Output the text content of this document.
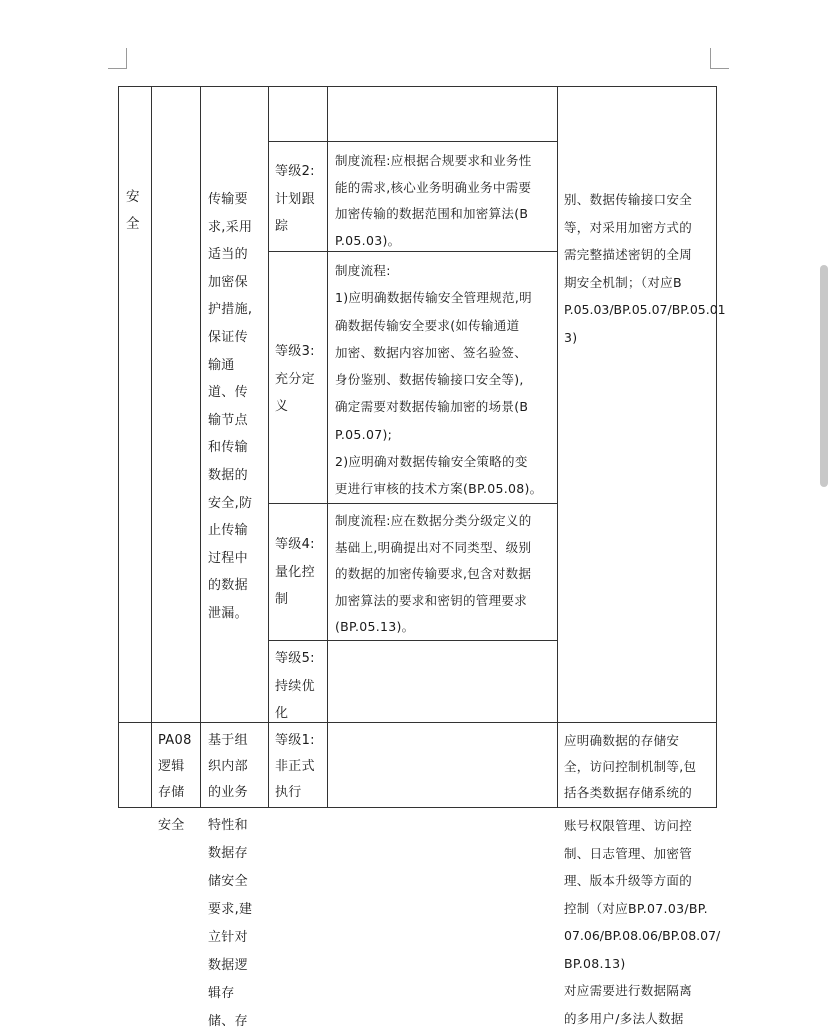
安
全
传输要
求,采用
适当的
加密保
护措施,
保证传
输通
道、传
输节点
和传输
数据的
安全,防
止传输
过程中
的数据
泄漏。
等级2:
计划跟
踪
制度流程:应根据合规要求和业务性
能的需求,核心业务明确业务中需要
加密传输的数据范围和加密算法(B
P.05.03)。
等级3:
充分定
义
制度流程:
1)应明确数据传输安全管理规范,明
确数据传输安全要求(如传输通道
加密、数据内容加密、签名验签、
身份鉴别、数据传输接口安全等),
确定需要对数据传输加密的场景(B
P.05.07);
2)应明确对数据传输安全策略的变
更进行审核的技术方案(BP.05.08)。
等级4:
量化控
制
制度流程:应在数据分类分级定义的
基础上,明确提出对不同类型、级别
的数据的加密传输要求,包含对数据
加密算法的要求和密钥的管理要求
(BP.05.13)。
等级5:
持续优
化
别、数据传输接口安全
等，对采用加密方式的
需完整描述密钥的全周
期安全机制；（对应B
P.05.03/BP.05.07/BP.05.01
3)
PA08
逻辑
存储
基于组
织内部
的业务
等级1:
非正式
执行
应明确数据的存储安
全，访问控制机制等,包
括各类数据存储系统的
安全 特性和
数据存
储安全
要求,建
立针对
数据逻
辑存
储、存
账号权限管理、访问控
制、日志管理、加密管
理、版本升级等方面的
控制（对应BP.07.03/BP.
07.06/BP.08.06/BP.08.07/
BP.08.13)
对应需要进行数据隔离
的多用户/多法人数据
